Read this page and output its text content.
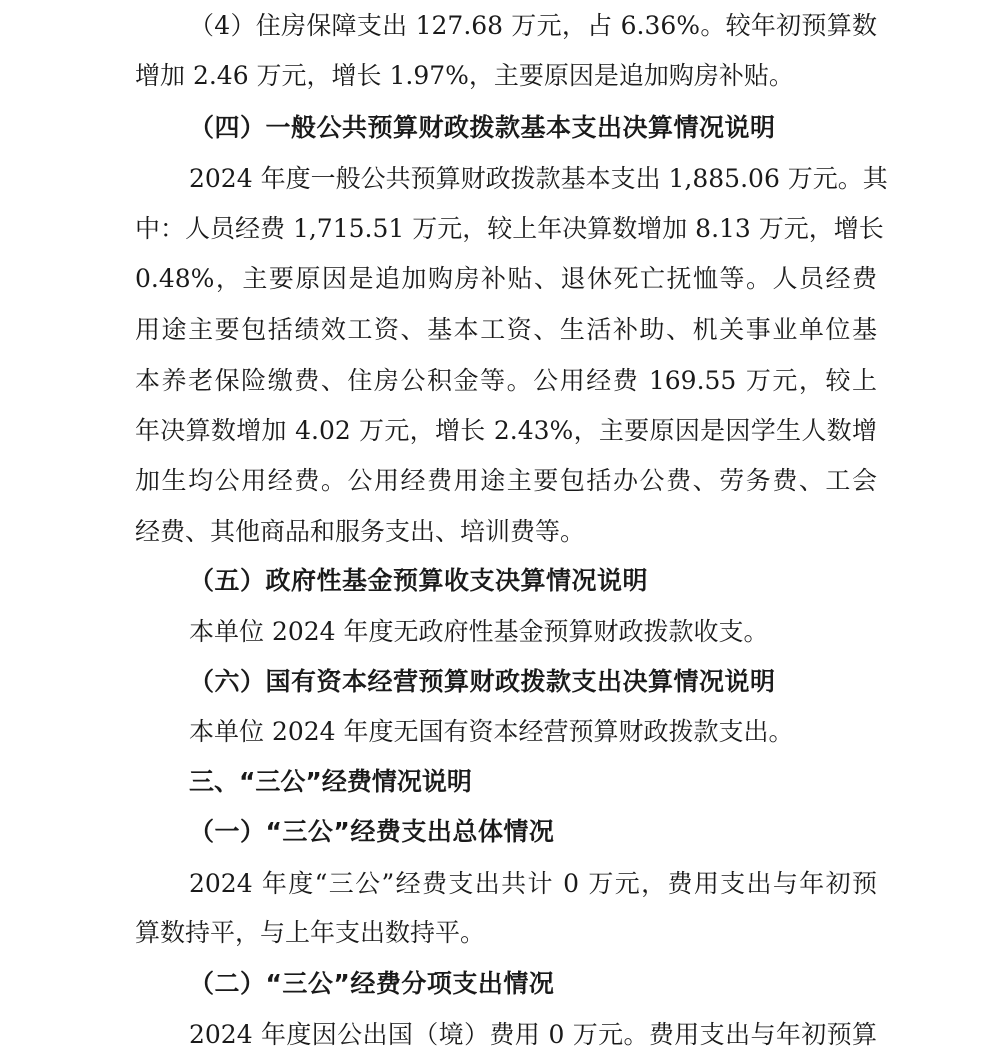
（4）住房保障支出 127.68 万元，占 6.36%。较年初预算数
增加 2.46 万元，增长 1.97%，主要原因是追加购房补贴。
（四）一般公共预算财政拨款基本支出决算情况说明
2024 年度一般公共预算财政拨款基本支出 1,885.06 万元。其
中：人员经费 1,715.51 万元，较上年决算数增加 8.13 万元，增长
0.48%，主要原因是追加购房补贴、退休死亡抚恤等。人员经费
用途主要包括绩效工资、基本工资、生活补助、机关事业单位基
本养老保险缴费、住房公积金等。公用经费 169.55 万元，较上
年决算数增加 4.02 万元，增长 2.43%，主要原因是因学生人数增
加生均公用经费。公用经费用途主要包括办公费、劳务费、工会
经费、其他商品和服务支出、培训费等。
（五）政府性基金预算收支决算情况说明
本单位 2024 年度无政府性基金预算财政拨款收支。
（六）国有资本经营预算财政拨款支出决算情况说明
本单位 2024 年度无国有资本经营预算财政拨款支出。
三、“三公”经费情况说明
（一）“三公”经费支出总体情况
2024 年度“三公”经费支出共计 0 万元，费用支出与年初预
算数持平，与上年支出数持平。
（二）“三公”经费分项支出情况
2024 年度因公出国（境）费用 0 万元。费用支出与年初预算
